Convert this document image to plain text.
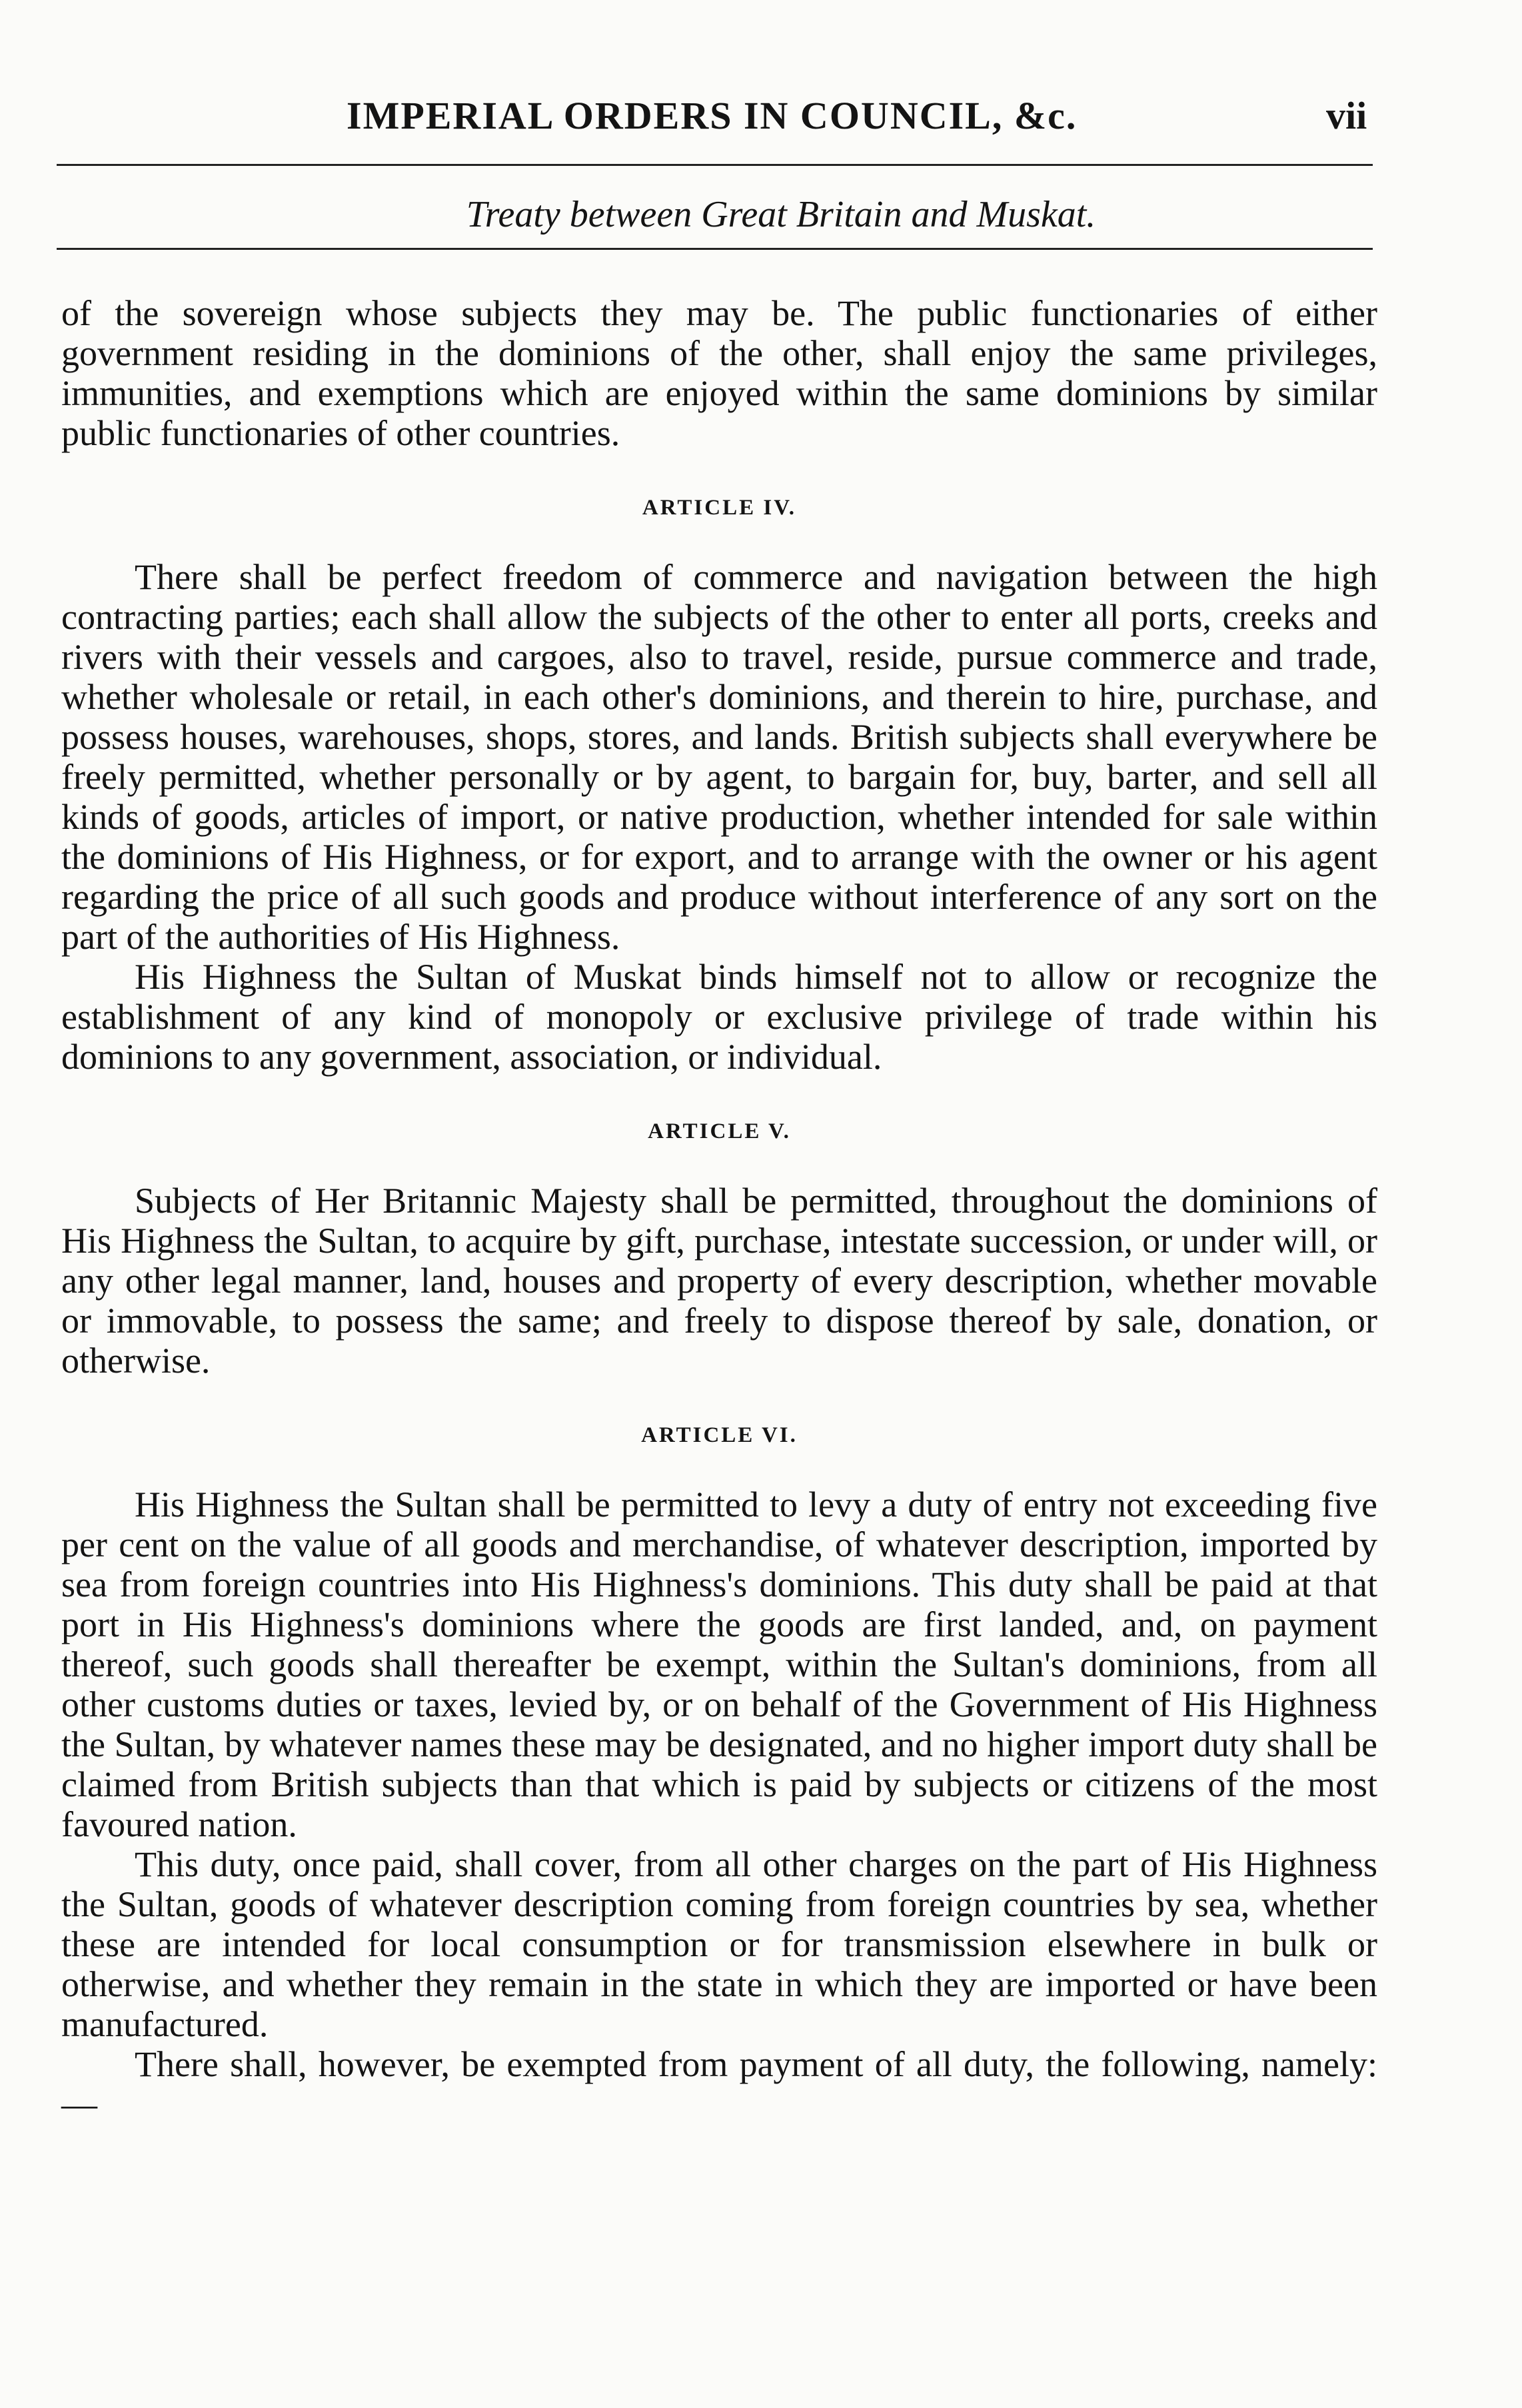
IMPERIAL ORDERS IN COUNCIL, &c.	vii
Treaty between Great Britain and Muskat.

of the sovereign whose subjects they may be. The public functionaries of either government residing in the dominions of the other, shall enjoy the same privileges, immunities, and exemptions which are enjoyed within the same dominions by similar public functionaries of other countries.

ARTICLE IV.

There shall be perfect freedom of commerce and navigation between the high contracting parties; each shall allow the subjects of the other to enter all ports, creeks and rivers with their vessels and cargoes, also to travel, reside, pursue commerce and trade, whether wholesale or retail, in each other's dominions, and therein to hire, purchase, and possess houses, warehouses, shops, stores, and lands. British subjects shall everywhere be freely permitted, whether personally or by agent, to bargain for, buy, barter, and sell all kinds of goods, articles of import, or native production, whether intended for sale within the dominions of His Highness, or for export, and to arrange with the owner or his agent regarding the price of all such goods and produce without interference of any sort on the part of the authorities of His Highness.

His Highness the Sultan of Muskat binds himself not to allow or recognize the establishment of any kind of monopoly or exclusive privilege of trade within his dominions to any government, association, or individual.

ARTICLE V.

Subjects of Her Britannic Majesty shall be permitted, throughout the dominions of His Highness the Sultan, to acquire by gift, purchase, intestate succession, or under will, or any other legal manner, land, houses and property of every description, whether movable or immovable, to possess the same; and freely to dispose thereof by sale, donation, or otherwise.

ARTICLE VI.

His Highness the Sultan shall be permitted to levy a duty of entry not exceeding five per cent on the value of all goods and merchandise, of whatever description, imported by sea from foreign countries into His Highness's dominions. This duty shall be paid at that port in His Highness's dominions where the goods are first landed, and, on payment thereof, such goods shall thereafter be exempt, within the Sultan's dominions, from all other customs duties or taxes, levied by, or on behalf of the Government of His Highness the Sultan, by whatever names these may be designated, and no higher import duty shall be claimed from British subjects than that which is paid by subjects or citizens of the most favoured nation.

This duty, once paid, shall cover, from all other charges on the part of His Highness the Sultan, goods of whatever description coming from foreign countries by sea, whether these are intended for local consumption or for transmission elsewhere in bulk or otherwise, and whether they remain in the state in which they are imported or have been manufactured.

There shall, however, be exempted from payment of all duty, the following, namely:—
